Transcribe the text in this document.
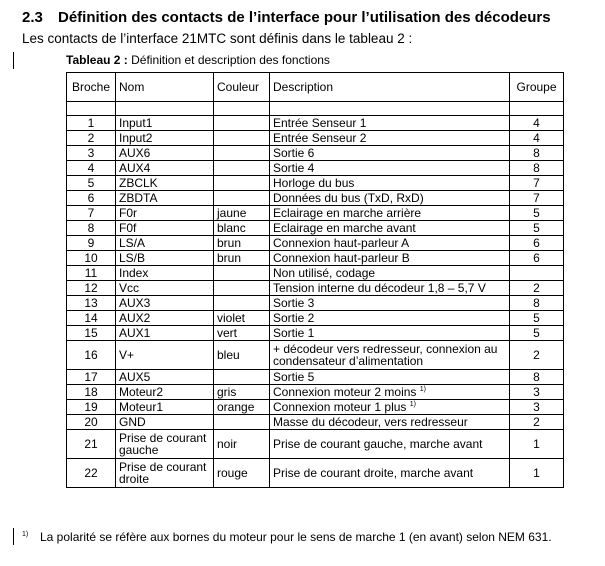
2.3 Définition des contacts de l’interface pour l’utilisation des décodeurs
Les contacts de l’interface 21MTC sont définis dans le tableau 2 :
Tableau 2 : Définition et description des fonctions
Broche	Nom	Couleur	Description	Groupe

1	Input1		Entrée Senseur 1	4
2	Input2		Entrée Senseur 2	4
3	AUX6		Sortie 6	8
4	AUX4		Sortie 4	8
5	ZBCLK		Horloge du bus	7
6	ZBDTA		Données du bus (TxD, RxD)	7
7	F0r	jaune	Eclairage en marche arrière	5
8	F0f	blanc	Eclairage en marche avant	5
9	LS/A	brun	Connexion haut-parleur A	6
10	LS/B	brun	Connexion haut-parleur B	6
11	Index		Non utilisé, codage	
12	Vcc		Tension interne du décodeur 1,8 – 5,7 V	2
13	AUX3		Sortie 3	8
14	AUX2	violet	Sortie 2	5
15	AUX1	vert	Sortie 1	5
16	V+	bleu	+ décodeur vers redresseur, connexion au condensateur d’alimentation	2
17	AUX5		Sortie 5	8
18	Moteur2	gris	Connexion moteur 2 moins $^{1)}$	3
19	Moteur1	orange	Connexion moteur 1 plus $^{1)}$	3
20	GND		Masse du décodeur, vers redresseur	2
21	Prise de courant gauche	noir	Prise de courant gauche, marche avant	1
22	Prise de courant droite	rouge	Prise de courant droite, marche avant	1
$^{1)}$ La polarité se réfère aux bornes du moteur pour le sens de marche 1 (en avant) selon NEM 631.
